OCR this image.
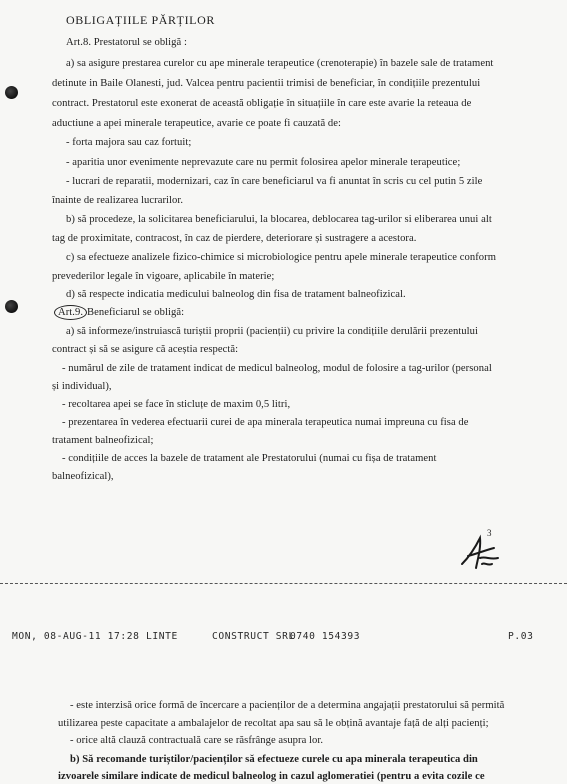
OBLIGAȚIILE PĂRȚILOR
Art.8. Prestatorul se obligă :
a) sa asigure prestarea curelor cu ape minerale terapeutice (crenoterapie) în bazele sale de tratament
detinute in Baile Olanesti, jud. Valcea pentru pacientii trimisi de beneficiar, în condițiile prezentului
contract. Prestatorul este exonerat de această obligație în situațiile în care este avarie la reteaua de
aductiune a apei minerale terapeutice, avarie ce poate fi cauzată de:
- forta majora sau caz fortuit;
- aparitia unor evenimente neprevazute care nu permit folosirea apelor minerale terapeutice;
- lucrari de reparatii, modernizari, caz în care beneficiarul va fi anuntat în scris cu cel putin 5 zile
înainte de realizarea lucrarilor.
b) să procedeze, la solicitarea beneficiarului, la blocarea, deblocarea tag-urilor si eliberarea unui alt
tag de proximitate, contracost, în caz de pierdere, deteriorare și sustragere a acestora.
c) sa efectueze analizele fizico-chimice si microbiologice pentru apele minerale terapeutice conform
prevederilor legale în vigoare, aplicabile în materie;
d) să respecte indicatia medicului balneolog din fisa de tratament balneofizical.
Art.9. Beneficiarul se obligă:
a) să informeze/instruiască turiștii proprii (pacienții) cu privire la condițiile derulării prezentului
contract și să se asigure că aceștia respectă:
- numărul de zile de tratament indicat de medicul balneolog, modul de folosire a tag-urilor (personal
și individual),
- recoltarea apei se face în sticluțe de maxim 0,5 litri,
- prezentarea în vederea efectuarii curei de apa minerala terapeutica numai impreuna cu fisa de
tratament balneofizical;
- condițiile de acces la bazele de tratament ale Prestatorului (numai cu fișa de tratament
balneofizical),
3
MON, 08-AUG-11 17:28 LINTE	CONSTRUCT SRL
0740 154393	P.03
- este interzisă orice formă de încercare a pacienților de a determina angajații prestatorului să permită
utilizarea peste capacitate a ambalajelor de recoltat apa sau să le obțină avantaje față de alți pacienți;
- orice altă clauză contractuală care se răsfrânge asupra lor.
b) Să recomande turiștilor/pacienților să efectueze curele cu apa minerala terapeutica din
izvoarele similare indicate de medicul balneolog in cazul aglomeratiei (pentru a evita cozile ce
